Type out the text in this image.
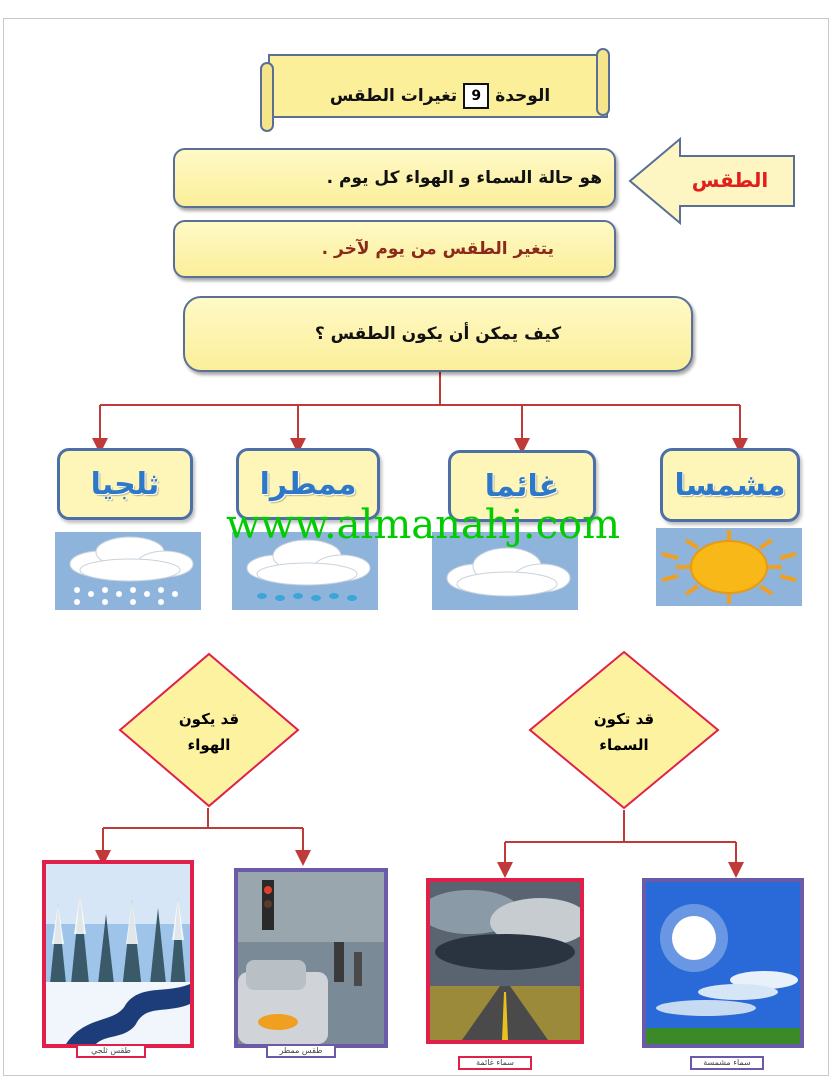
الوحدة
9
تغيرات الطقس
هو حالة السماء و الهواء كل يوم .	الطقس
يتغير الطقس من يوم لآخر .
كيف يمكن أن يكون الطقس ؟
مشمسا
غائما
ممطرا
ثلجيا
www.almanahj.com
قد يكون الهواء
قد تكون السماء
طقس ثلجي	طقس ممطر
سماء غائمة	سماء مشمسة
